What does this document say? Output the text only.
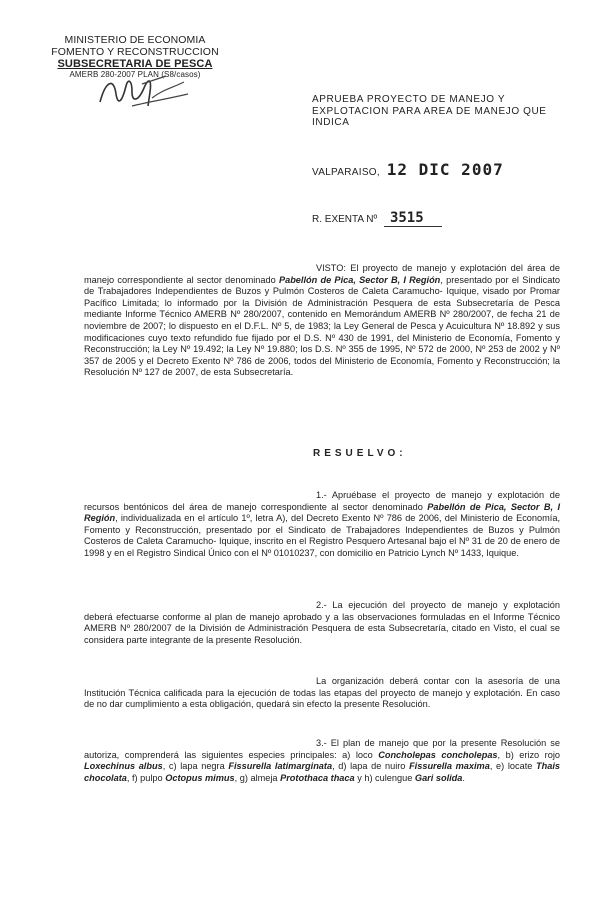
MINISTERIO DE ECONOMIA
FOMENTO Y RECONSTRUCCION
SUBSECRETARIA DE PESCA
AMERB 280-2007 PLAN (S8/casos)
APRUEBA PROYECTO DE MANEJO Y EXPLOTACION PARA AREA DE MANEJO QUE INDICA
VALPARAISO, 12 DIC 2007
R. EXENTA Nº 3515
VISTO: El proyecto de manejo y explotación del área de manejo correspondiente al sector denominado Pabellón de Pica, Sector B, I Región, presentado por el Sindicato de Trabajadores Independientes de Buzos y Pulmón Costeros de Caleta Caramucho- Iquique, visado por Promar Pacífico Limitada; lo informado por la División de Administración Pesquera de esta Subsecretaría de Pesca mediante Informe Técnico AMERB Nº 280/2007, contenido en Memorándum AMERB Nº 280/2007, de fecha 21 de noviembre de 2007; lo dispuesto en el D.F.L. Nº 5, de 1983; la Ley General de Pesca y Acuicultura Nº 18.892 y sus modificaciones cuyo texto refundido fue fijado por el D.S. Nº 430 de 1991, del Ministerio de Economía, Fomento y Reconstrucción; la Ley Nº 19.492; la Ley Nº 19.880; los D.S. Nº 355 de 1995, Nº 572 de 2000, Nº 253 de 2002 y Nº 357 de 2005 y el Decreto Exento Nº 786 de 2006, todos del Ministerio de Economía, Fomento y Reconstrucción; la Resolución Nº 127 de 2007, de esta Subsecretaría.
RESUELVO:
1.- Apruébase el proyecto de manejo y explotación de recursos bentónicos del área de manejo correspondiente al sector denominado Pabellón de Pica, Sector B, I Región, individualizada en el artículo 1º, letra A), del Decreto Exento Nº 786 de 2006, del Ministerio de Economía, Fomento y Reconstrucción, presentado por el Sindicato de Trabajadores Independientes de Buzos y Pulmón Costeros de Caleta Caramucho- Iquique, inscrito en el Registro Pesquero Artesanal bajo el Nº 31 de 20 de enero de 1998 y en el Registro Sindical Único con el Nº 01010237, con domicilio en Patricio Lynch Nº 1433, Iquique.
2.- La ejecución del proyecto de manejo y explotación deberá efectuarse conforme al plan de manejo aprobado y a las observaciones formuladas en el Informe Técnico AMERB Nº 280/2007 de la División de Administración Pesquera de esta Subsecretaría, citado en Visto, el cual se considera parte integrante de la presente Resolución.
La organización deberá contar con la asesoría de una Institución Técnica calificada para la ejecución de todas las etapas del proyecto de manejo y explotación. En caso de no dar cumplimiento a esta obligación, quedará sin efecto la presente Resolución.
3.- El plan de manejo que por la presente Resolución se autoriza, comprenderá las siguientes especies principales: a) loco Concholepas concholepas, b) erizo rojo Loxechinus albus, c) lapa negra Fissurella latimarginata, d) lapa de nuiro Fissurella maxima, e) locate Thais chocolata, f) pulpo Octopus mimus, g) almeja Protothaca thaca y h) culengue Gari solida.
